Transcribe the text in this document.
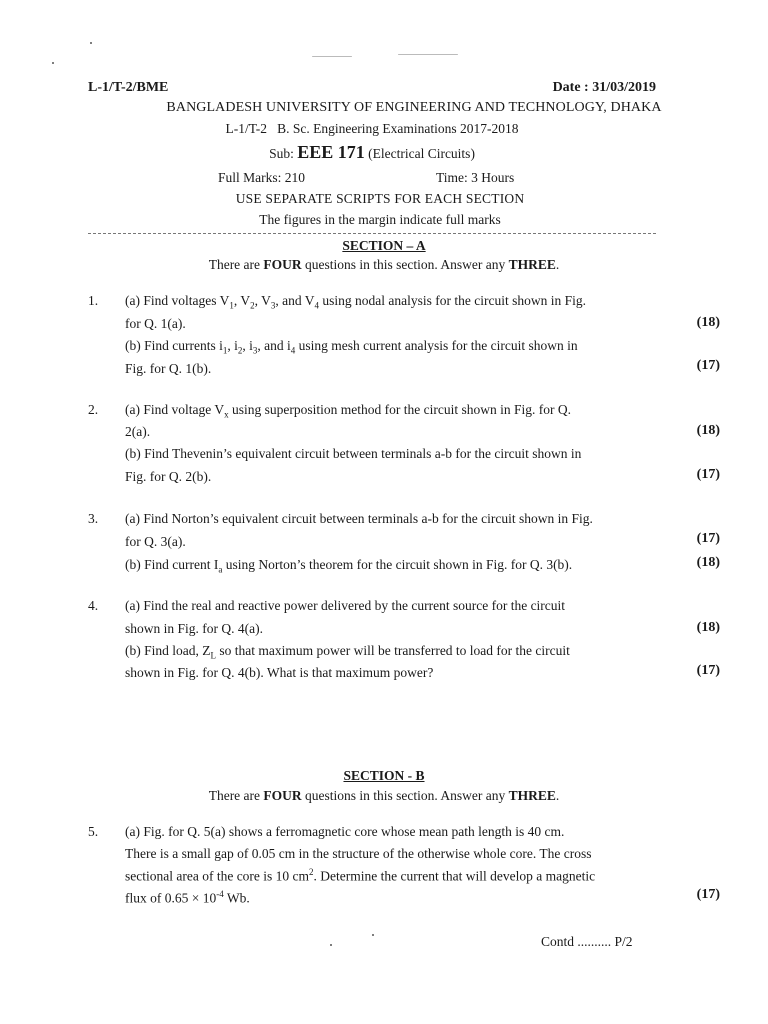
L-1/T-2/BME	Date : 31/03/2019
BANGLADESH UNIVERSITY OF ENGINEERING AND TECHNOLOGY, DHAKA
L-1/T-2   B. Sc. Engineering Examinations 2017-2018
Sub: EEE 171 (Electrical Circuits)
Full Marks: 210	Time: 3 Hours
USE SEPARATE SCRIPTS FOR EACH SECTION
The figures in the margin indicate full marks
SECTION – A
There are FOUR questions in this section. Answer any THREE.
1. (a) Find voltages $V_1$, $V_2$, $V_3$, and $V_4$ using nodal analysis for the circuit shown in Fig.
for Q. 1(a).	(18)
(b) Find currents $i_1$, $i_2$, $i_3$, and $i_4$ using mesh current analysis for the circuit shown in
Fig. for Q. 1(b).	(17)
2. (a) Find voltage $V_x$ using superposition method for the circuit shown in Fig. for Q.
2(a).	(18)
(b) Find Thevenin’s equivalent circuit between terminals a-b for the circuit shown in
Fig. for Q. 2(b).	(17)
3. (a) Find Norton’s equivalent circuit between terminals a-b for the circuit shown in Fig.
for Q. 3(a).	(17)
(b) Find current $I_a$ using Norton’s theorem for the circuit shown in Fig. for Q. 3(b).	(18)
4. (a) Find the real and reactive power delivered by the current source for the circuit
shown in Fig. for Q. 4(a).	(18)
(b) Find load, $Z_L$ so that maximum power will be transferred to load for the circuit
shown in Fig. for Q. 4(b). What is that maximum power?	(17)
SECTION - B
There are FOUR questions in this section. Answer any THREE.
5. (a) Fig. for Q. 5(a) shows a ferromagnetic core whose mean path length is 40 cm.
There is a small gap of 0.05 cm in the structure of the otherwise whole core. The cross
sectional area of the core is 10 $cm^2$. Determine the current that will develop a magnetic
flux of $0.65 \times 10^{-4}$ Wb.	(17)
Contd .......... P/2
